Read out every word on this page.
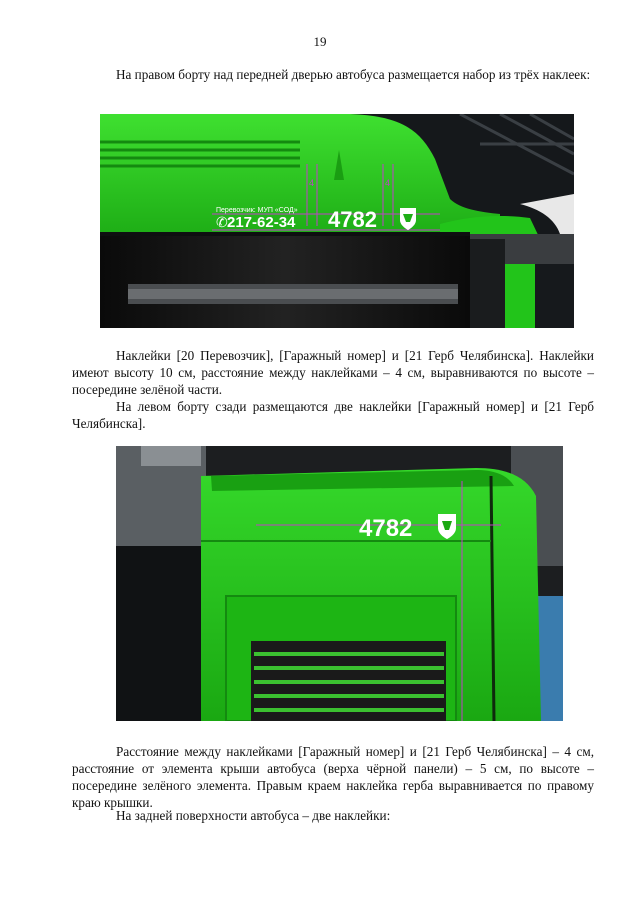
19

На правом борту над передней дверью автобуса размещается набор из трёх наклеек:

Перевозчик: МУП «СОД»
✆ 217-62-34 4782
4	4

Наклейки [20 Перевозчик], [Гаражный номер] и [21 Герб Челябинска]. Наклейки имеют высоту 10 см, расстояние между наклейками – 4 см, выравниваются по высоте – посередине зелёной части.

На левом борту сзади размещаются две наклейки [Гаражный номер] и [21 Герб Челябинска].

4782

Расстояние между наклейками [Гаражный номер] и [21 Герб Челябинска] – 4 см, расстояние от элемента крыши автобуса (верха чёрной панели) – 5 см, по высоте – посередине зелёного элемента. Правым краем наклейка герба выравнивается по правому краю крышки.

На задней поверхности автобуса – две наклейки:
